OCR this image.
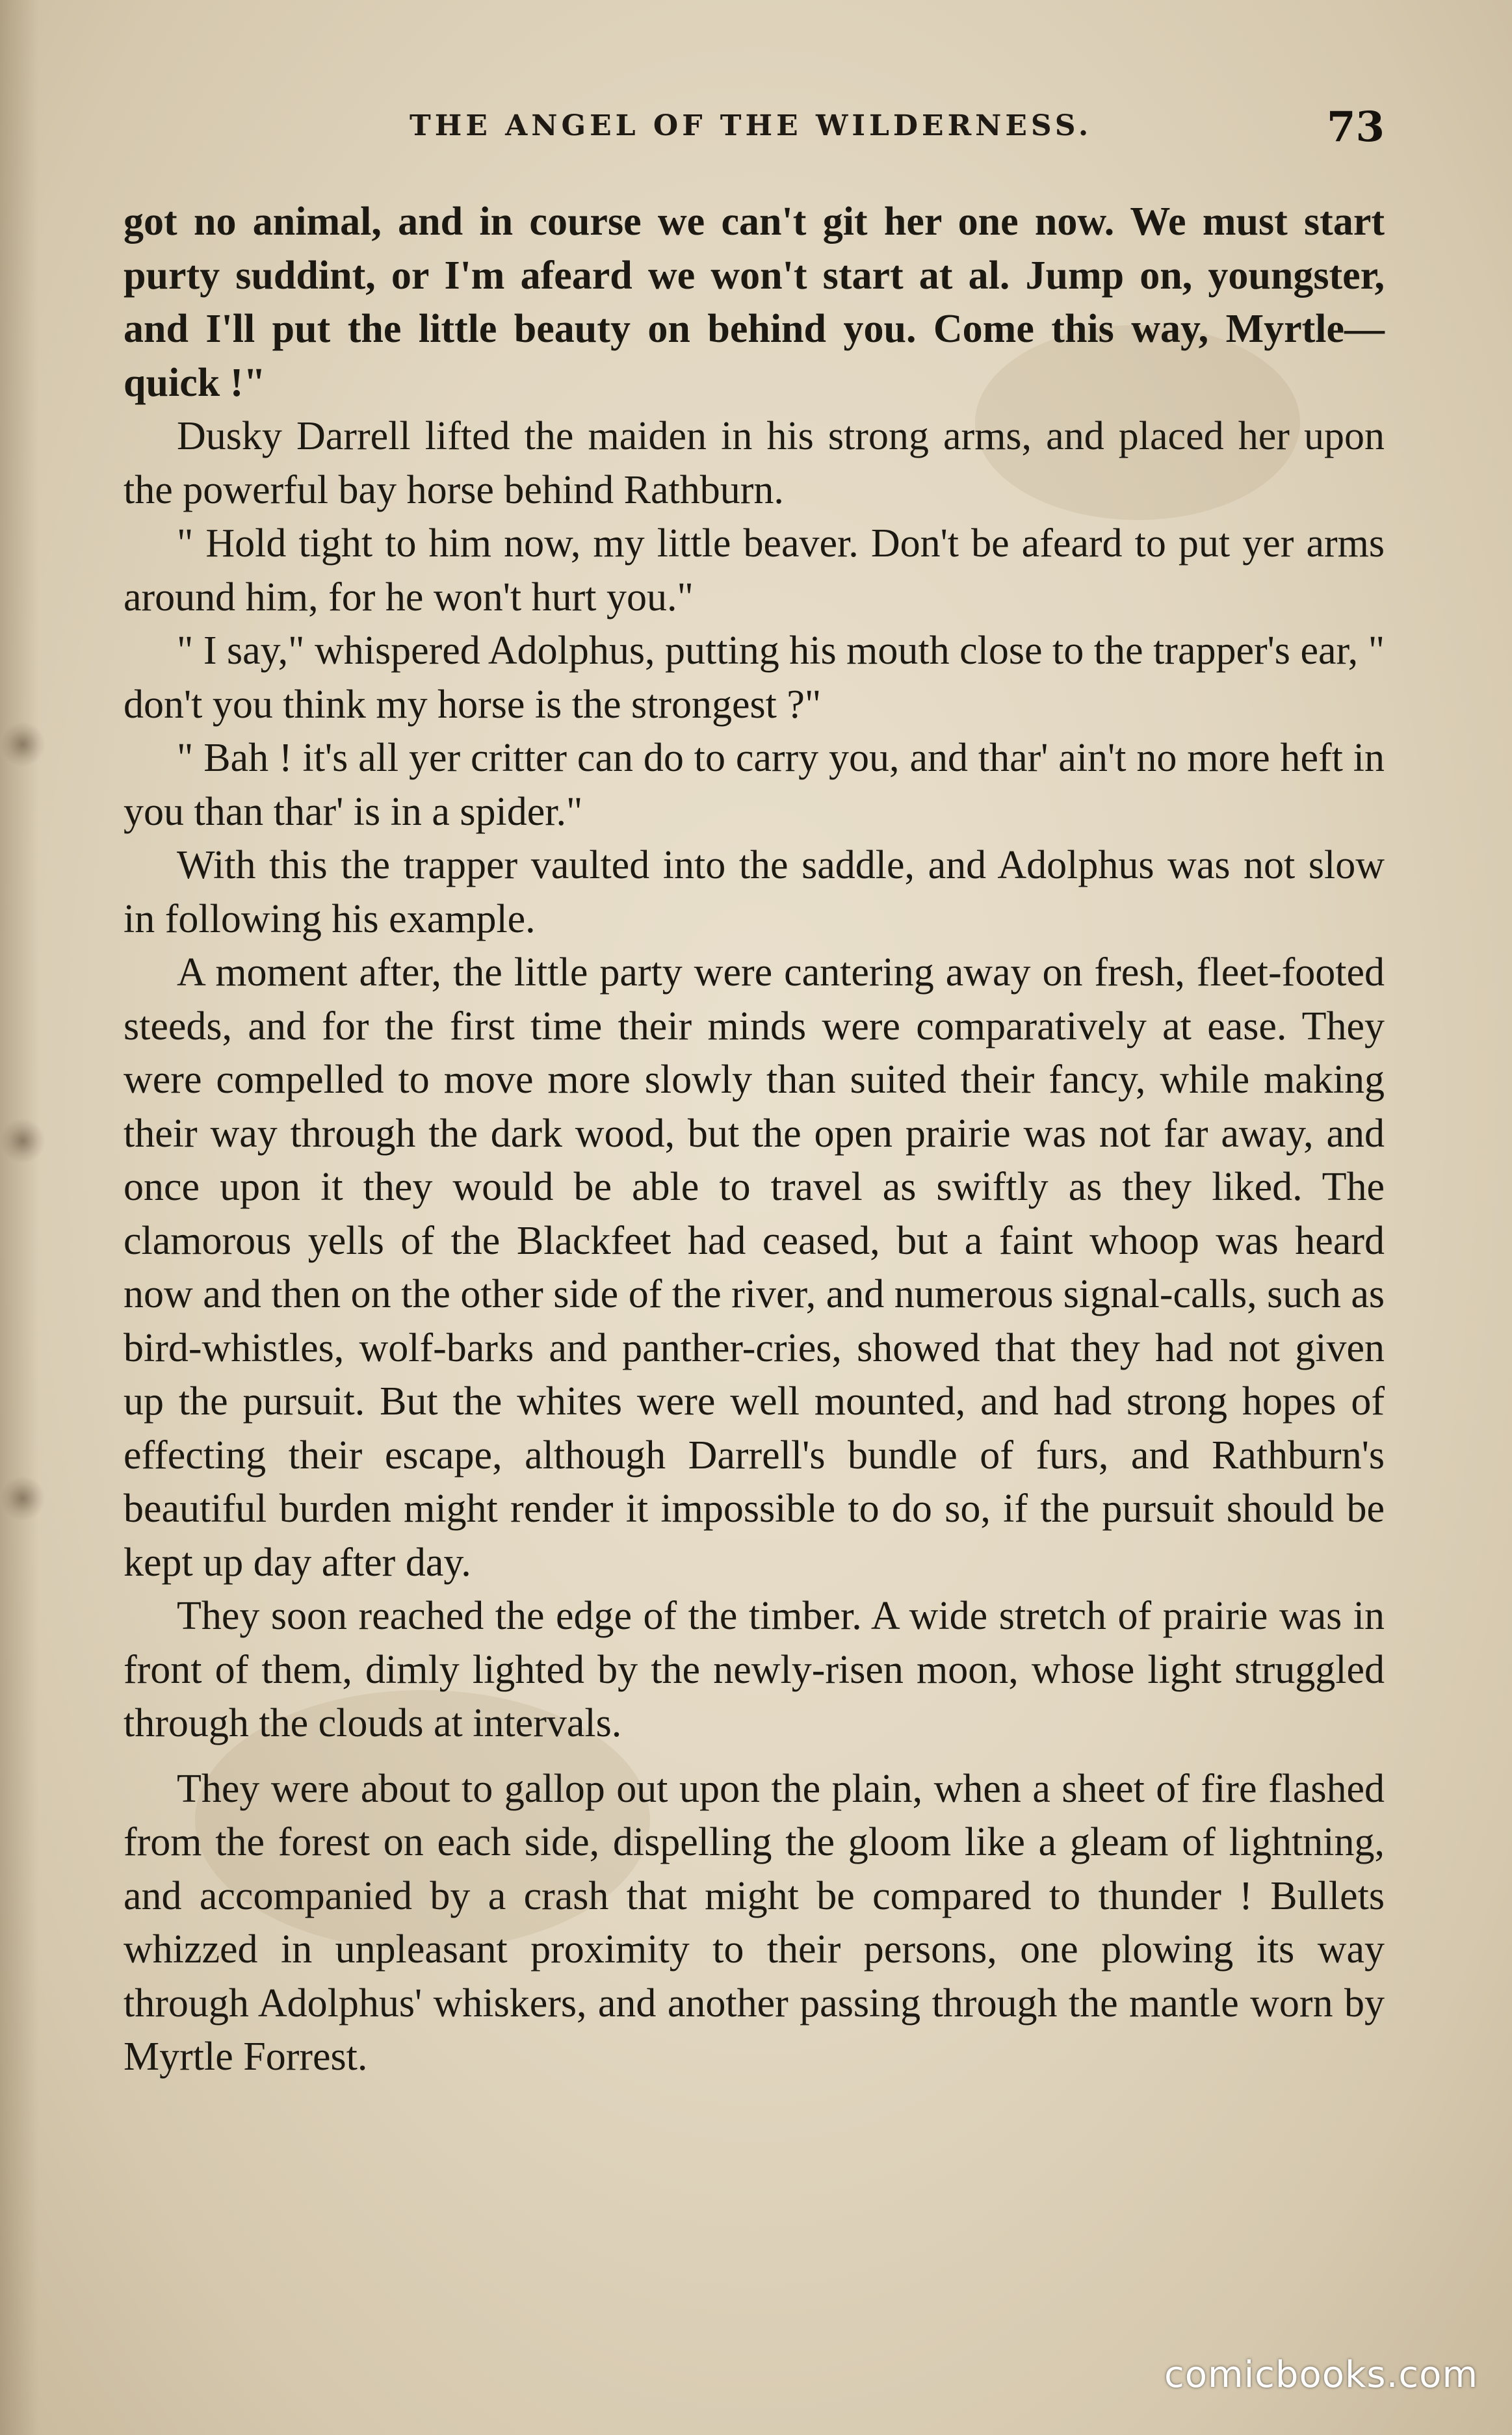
THE ANGEL OF THE WILDERNESS.	73

got no animal, and in course we can't git her one now. We must start purty suddint, or I'm afeard we won't start at al. Jump on, youngster, and I'll put the little beauty on behind you. Come this way, Myrtle—quick !"

Dusky Darrell lifted the maiden in his strong arms, and placed her upon the powerful bay horse behind Rathburn.

" Hold tight to him now, my little beaver. Don't be afeard to put yer arms around him, for he won't hurt you."

" I say," whispered Adolphus, putting his mouth close to the trapper's ear, " don't you think my horse is the strongest ?"

" Bah ! it's all yer critter can do to carry you, and thar' ain't no more heft in you than thar' is in a spider."

With this the trapper vaulted into the saddle, and Adolphus was not slow in following his example.

A moment after, the little party were cantering away on fresh, fleet-footed steeds, and for the first time their minds were comparatively at ease. They were compelled to move more slowly than suited their fancy, while making their way through the dark wood, but the open prairie was not far away, and once upon it they would be able to travel as swiftly as they liked. The clamorous yells of the Blackfeet had ceased, but a faint whoop was heard now and then on the other side of the river, and numerous signal-calls, such as bird-whistles, wolf-barks and panther-cries, showed that they had not given up the pursuit. But the whites were well mounted, and had strong hopes of effecting their escape, although Darrell's bundle of furs, and Rathburn's beautiful burden might render it impossible to do so, if the pursuit should be kept up day after day.

They soon reached the edge of the timber. A wide stretch of prairie was in front of them, dimly lighted by the newly-risen moon, whose light struggled through the clouds at intervals.

They were about to gallop out upon the plain, when a sheet of fire flashed from the forest on each side, dispelling the gloom like a gleam of lightning, and accompanied by a crash that might be compared to thunder ! Bullets whizzed in unpleasant proximity to their persons, one plowing its way through Adolphus' whiskers, and another passing through the mantle worn by Myrtle Forrest.

comicbooks.com
